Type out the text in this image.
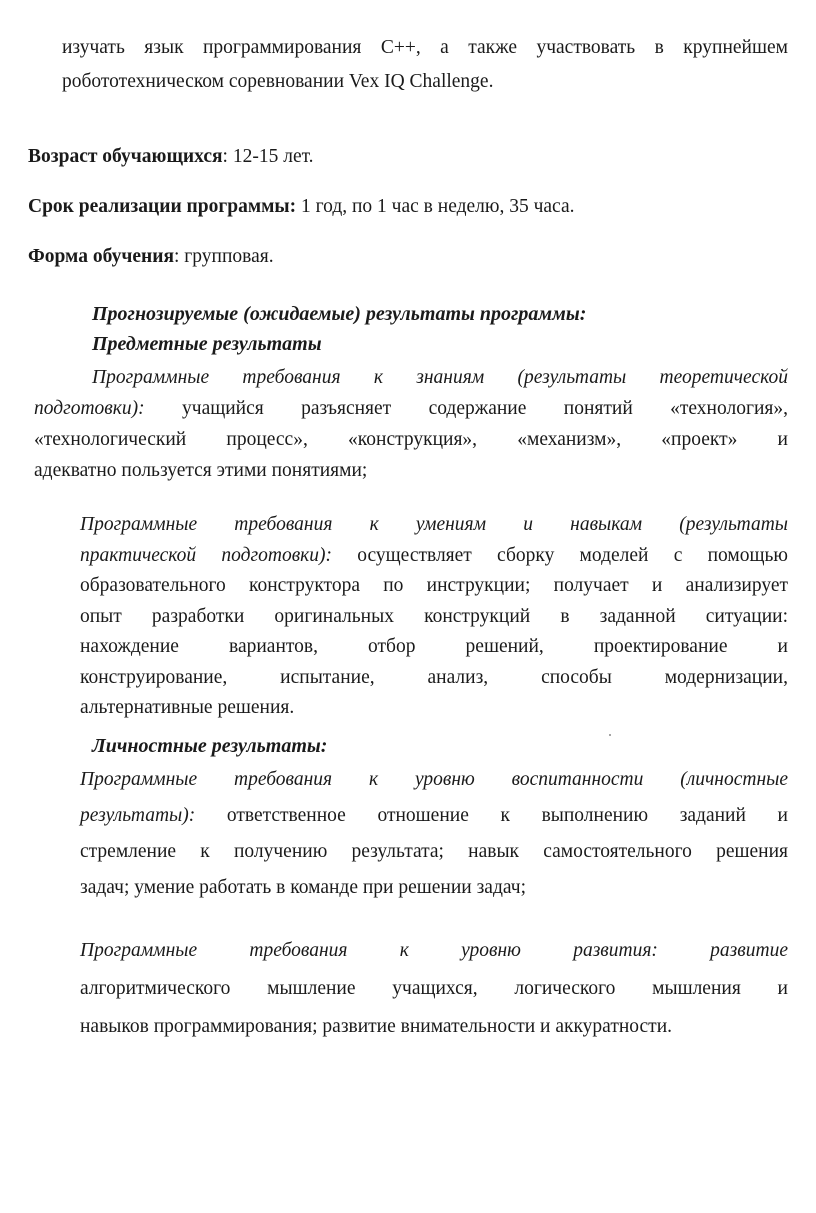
изучать язык программирования С++, а также участвовать в крупнейшем
робототехническом соревновании Vex IQ Challenge.
Возраст обучающихся: 12-15 лет.
Срок реализации программы: 1 год, по 1 час в неделю, 35 часа.
Форма обучения: групповая.
Прогнозируемые (ожидаемые) результаты программы:
Предметные результаты
Программные требования к знаниям (результаты теоретической
подготовки): учащийся разъясняет содержание понятий «технология»,
«технологический процесс», «конструкция», «механизм», «проект» и
адекватно пользуется этими понятиями;
Программные требования к умениям и навыкам (результаты
практической подготовки): осуществляет сборку моделей с помощью
образовательного конструктора по инструкции; получает и анализирует
опыт разработки оригинальных конструкций в заданной ситуации:
нахождение вариантов, отбор решений, проектирование и
конструирование, испытание, анализ, способы модернизации,
альтернативные решения.
Личностные результаты:
Программные требования к уровню воспитанности (личностные
результаты): ответственное отношение к выполнению заданий и
стремление к получению результата; навык самостоятельного решения
задач; умение работать в команде при решении задач;
Программные требования к уровню развития: развитие
алгоритмического мышление учащихся, логического мышления и
навыков программирования; развитие внимательности и аккуратности.
